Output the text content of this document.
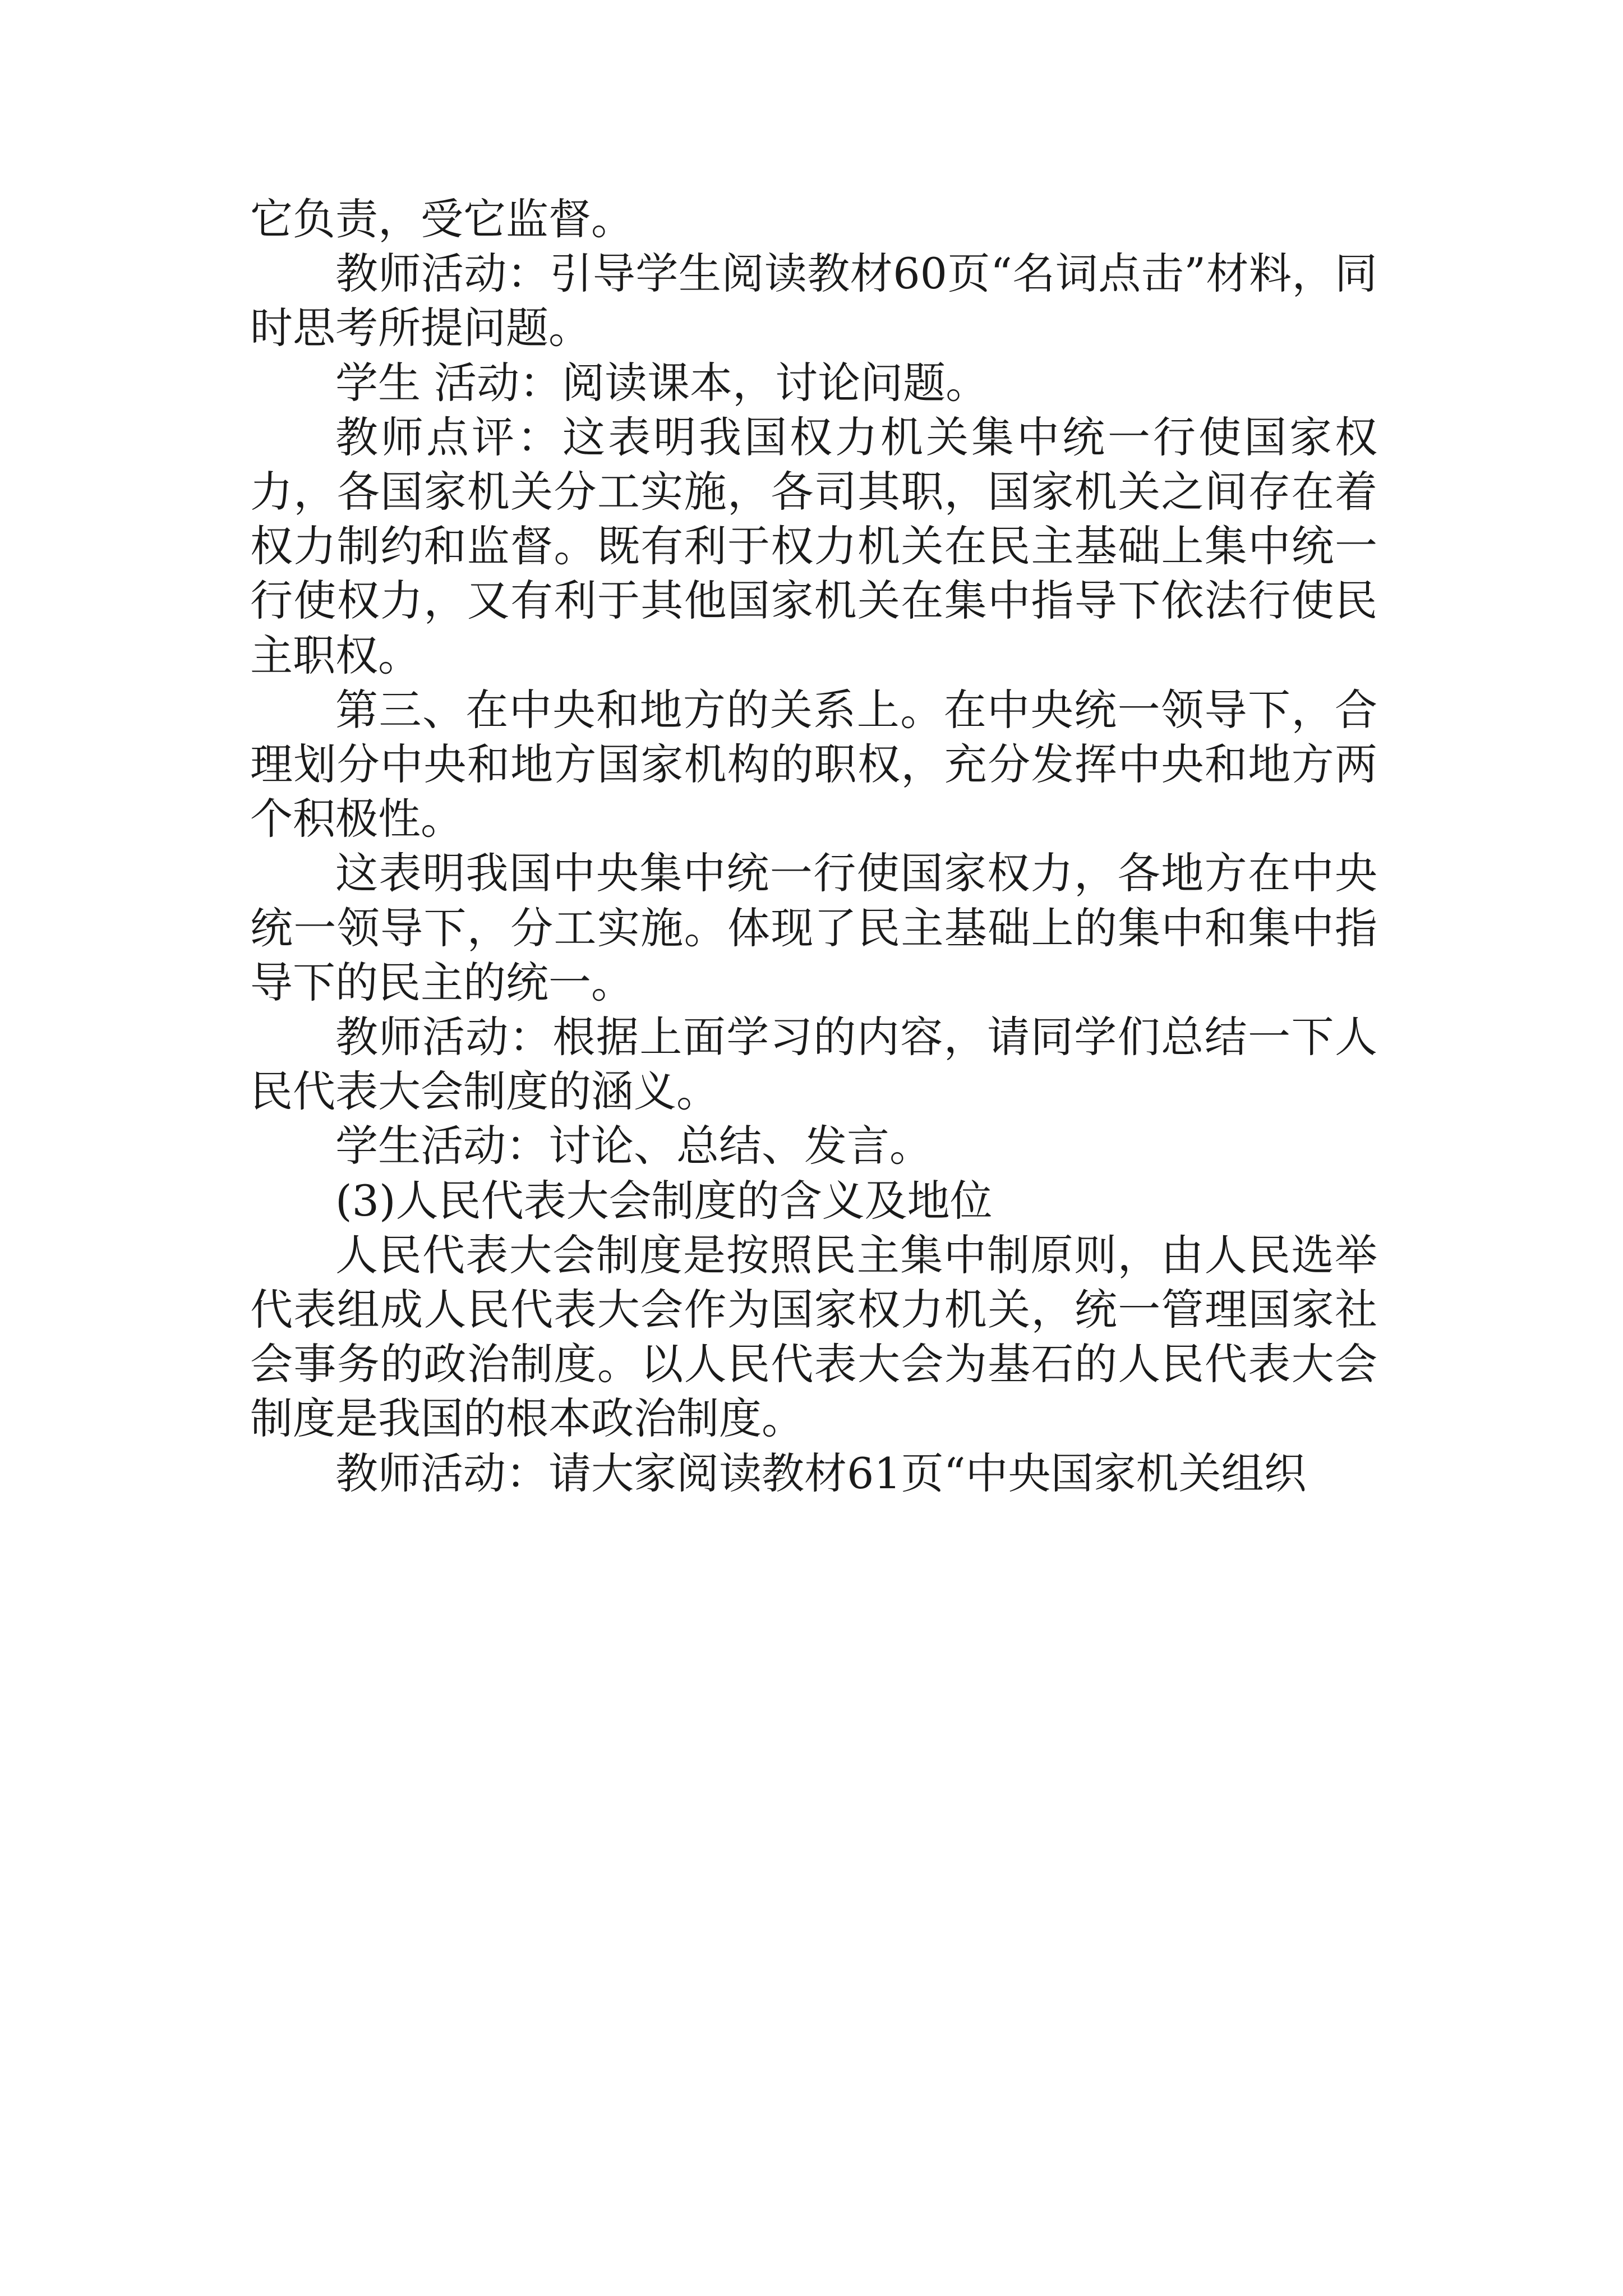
它负责，受它监督。

教师活动：引导学生阅读教材60页“名词点击”材料，同时思考所提问题。

学生 活动：阅读课本，讨论问题。

教师点评：这表明我国权力机关集中统一行使国家权力，各国家机关分工实施，各司其职，国家机关之间存在着权力制约和监督。既有利于权力机关在民主基础上集中统一行使权力，又有利于其他国家机关在集中指导下依法行使民主职权。

第三、在中央和地方的关系上。在中央统一领导下，合理划分中央和地方国家机构的职权，充分发挥中央和地方两个积极性。

这表明我国中央集中统一行使国家权力，各地方在中央统一领导下，分工实施。体现了民主基础上的集中和集中指导下的民主的统一。

教师活动：根据上面学习的内容，请同学们总结一下人民代表大会制度的涵义。

学生活动：讨论、总结、发言。

(3)人民代表大会制度的含义及地位

人民代表大会制度是按照民主集中制原则，由人民选举代表组成人民代表大会作为国家权力机关，统一管理国家社会事务的政治制度。以人民代表大会为基石的人民代表大会制度是我国的根本政治制度。

教师活动：请大家阅读教材61页“中央国家机关组织
